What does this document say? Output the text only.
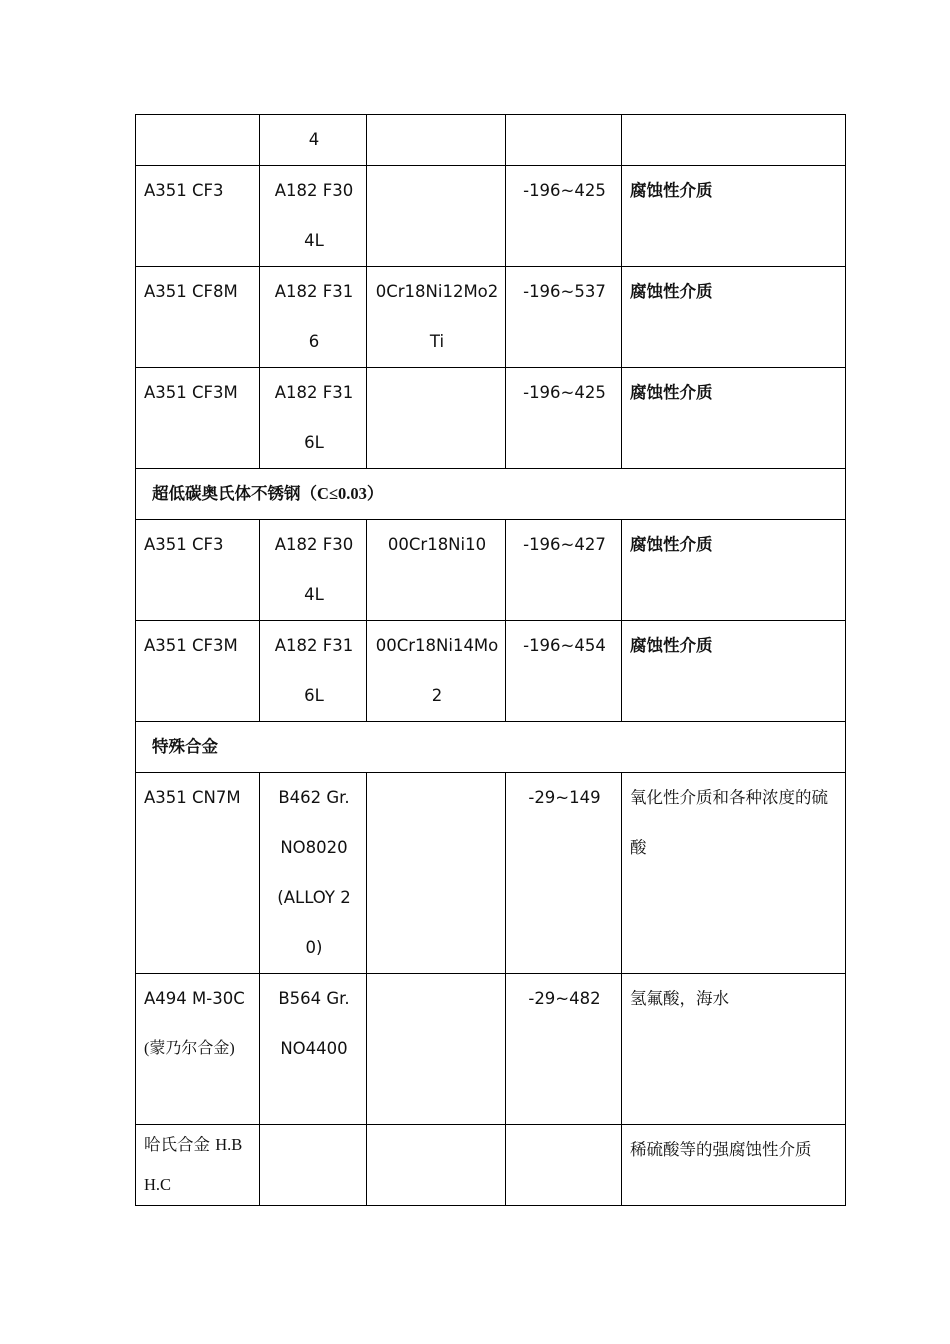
	4			
A351 CF3	A182 F304L		-196~425	腐蚀性介质
A351 CF8M	A182 F316	0Cr18Ni12Mo2Ti	-196~537	腐蚀性介质
A351 CF3M	A182 F316L		-196~425	腐蚀性介质
超低碳奥氏体不锈钢（C≤0.03）				
A351 CF3	A182 F304L	00Cr18Ni10	-196~427	腐蚀性介质
A351 CF3M	A182 F316L	00Cr18Ni14Mo2	-196~454	腐蚀性介质
特殊合金				
A351 CN7M	B462 Gr. NO8020 (ALLOY 20)		-29~149	氧化性介质和各种浓度的硫酸

A494 M-30C
(蒙乃尔合金)	B564 Gr. NO4400		-29~482	氢氟酸，海水
哈氏合金 H.B H.C				稀硫酸等的强腐蚀性介质
